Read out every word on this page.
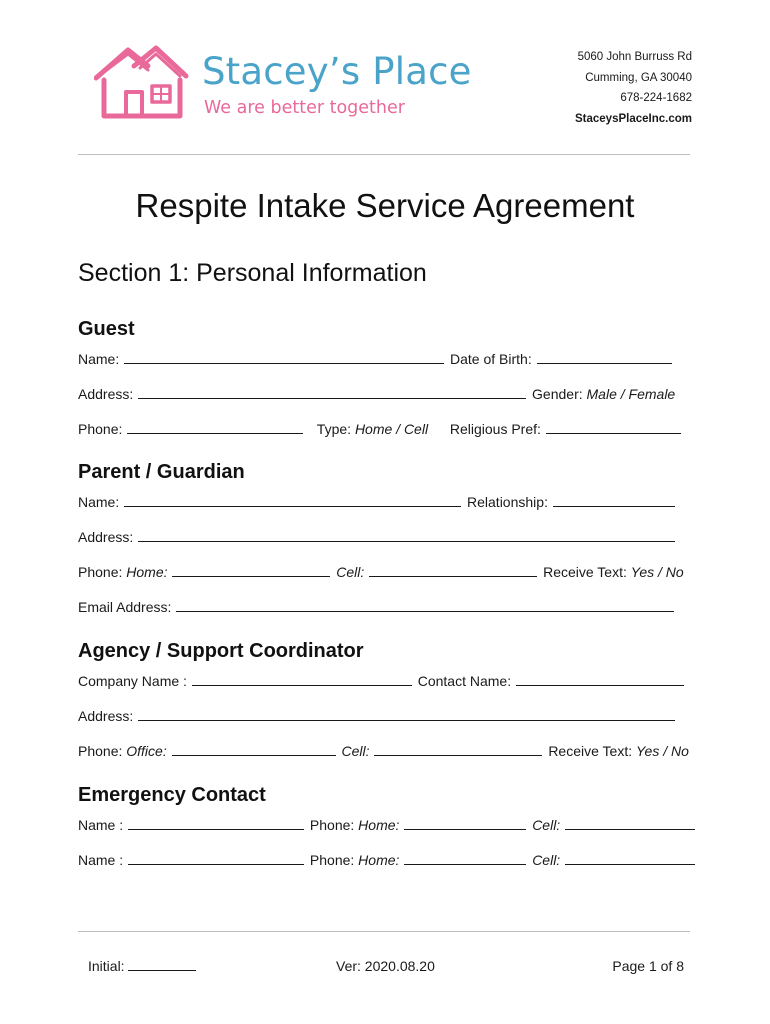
Stacey’s Place
We are better together
5060 John Burruss Rd
Cumming, GA 30040
678-224-1682
StaceysPlaceInc.com
Respite Intake Service Agreement
Section 1: Personal Information
Guest
Name:	Date of Birth:
Address:	Gender: Male / Female
Phone:	Type: Home / Cell Religious Pref:
Parent / Guardian
Name:	Relationship:
Address:
Phone: Home:	Cell:	Receive Text: Yes / No
Email Address:
Agency / Support Coordinator
Company Name :	Contact Name:
Address:
Phone: Office:	Cell:	Receive Text: Yes / No
Emergency Contact
Name :	Phone: Home:	Cell:
Name :	Phone: Home:	Cell:
Initial:	Ver: 2020.08.20	Page 1 of 8
